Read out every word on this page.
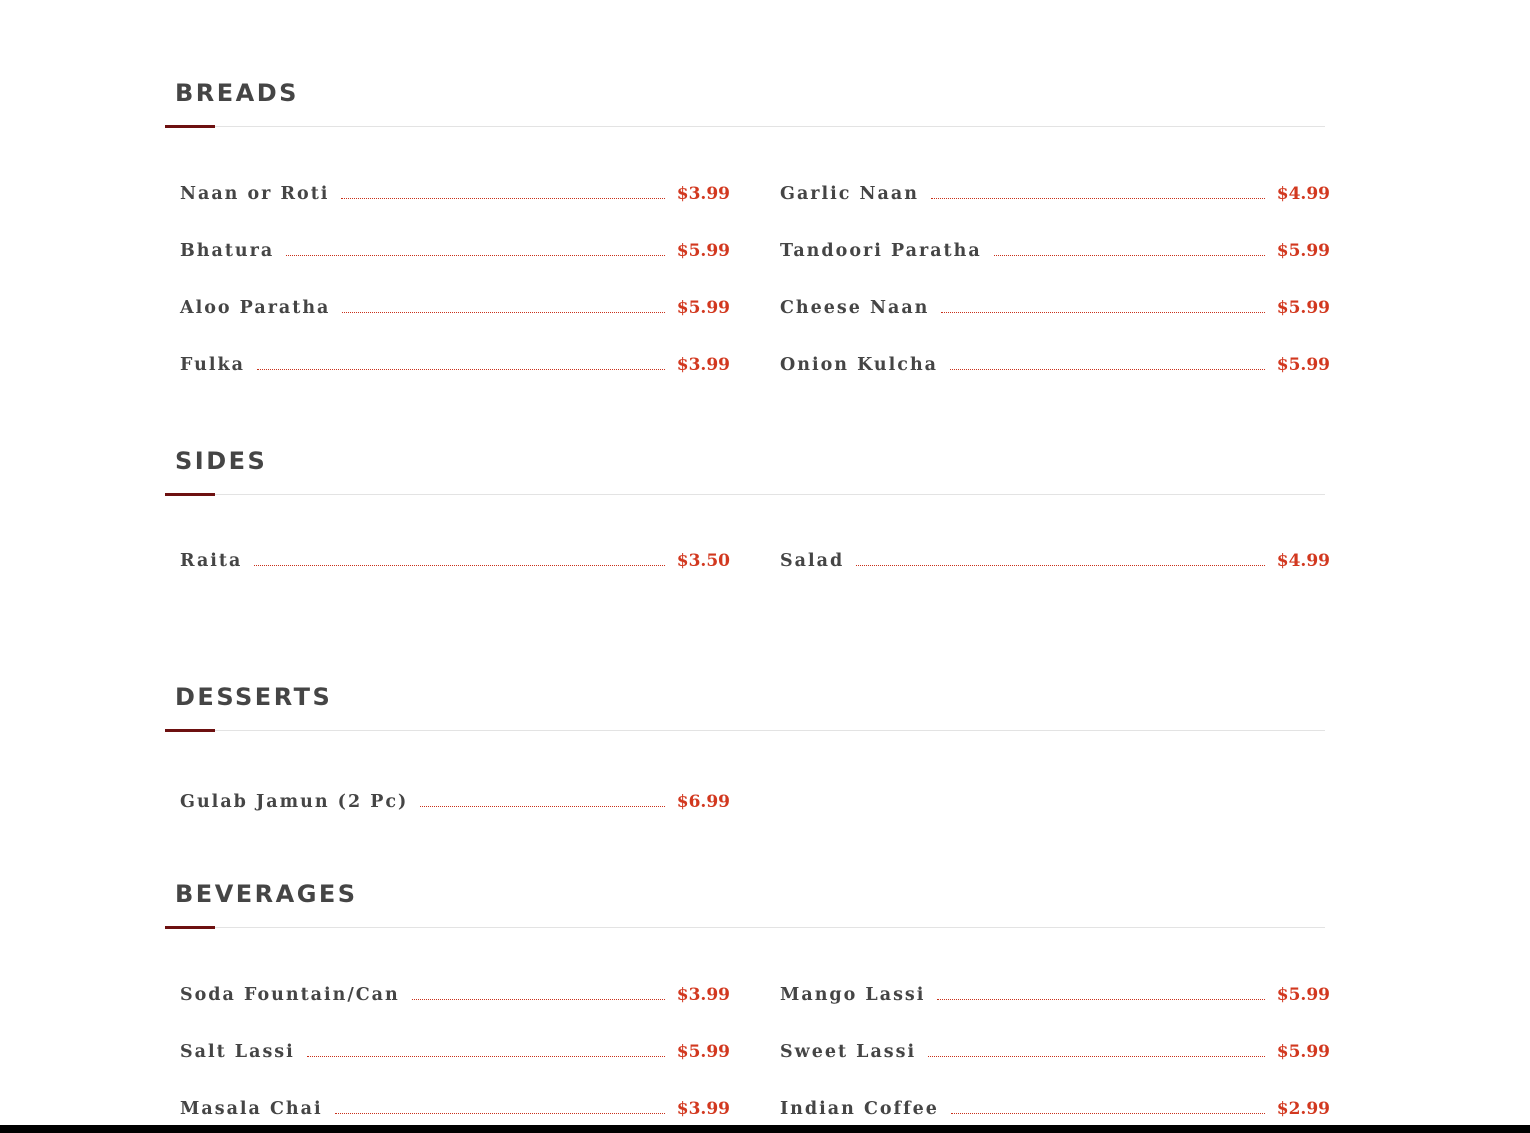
BREADS
Naan or Roti	$3.99	Garlic Naan	$4.99
Bhatura	$5.99	Tandoori Paratha	$5.99
Aloo Paratha	$5.99	Cheese Naan	$5.99
Fulka	$3.99	Onion Kulcha	$5.99
SIDES
Raita	$3.50	Salad	$4.99
DESSERTS
Gulab Jamun (2 Pc)	$6.99
BEVERAGES
Soda Fountain/Can	$3.99	Mango Lassi	$5.99
Salt Lassi	$5.99	Sweet Lassi	$5.99
Masala Chai	$3.99	Indian Coffee	$2.99
